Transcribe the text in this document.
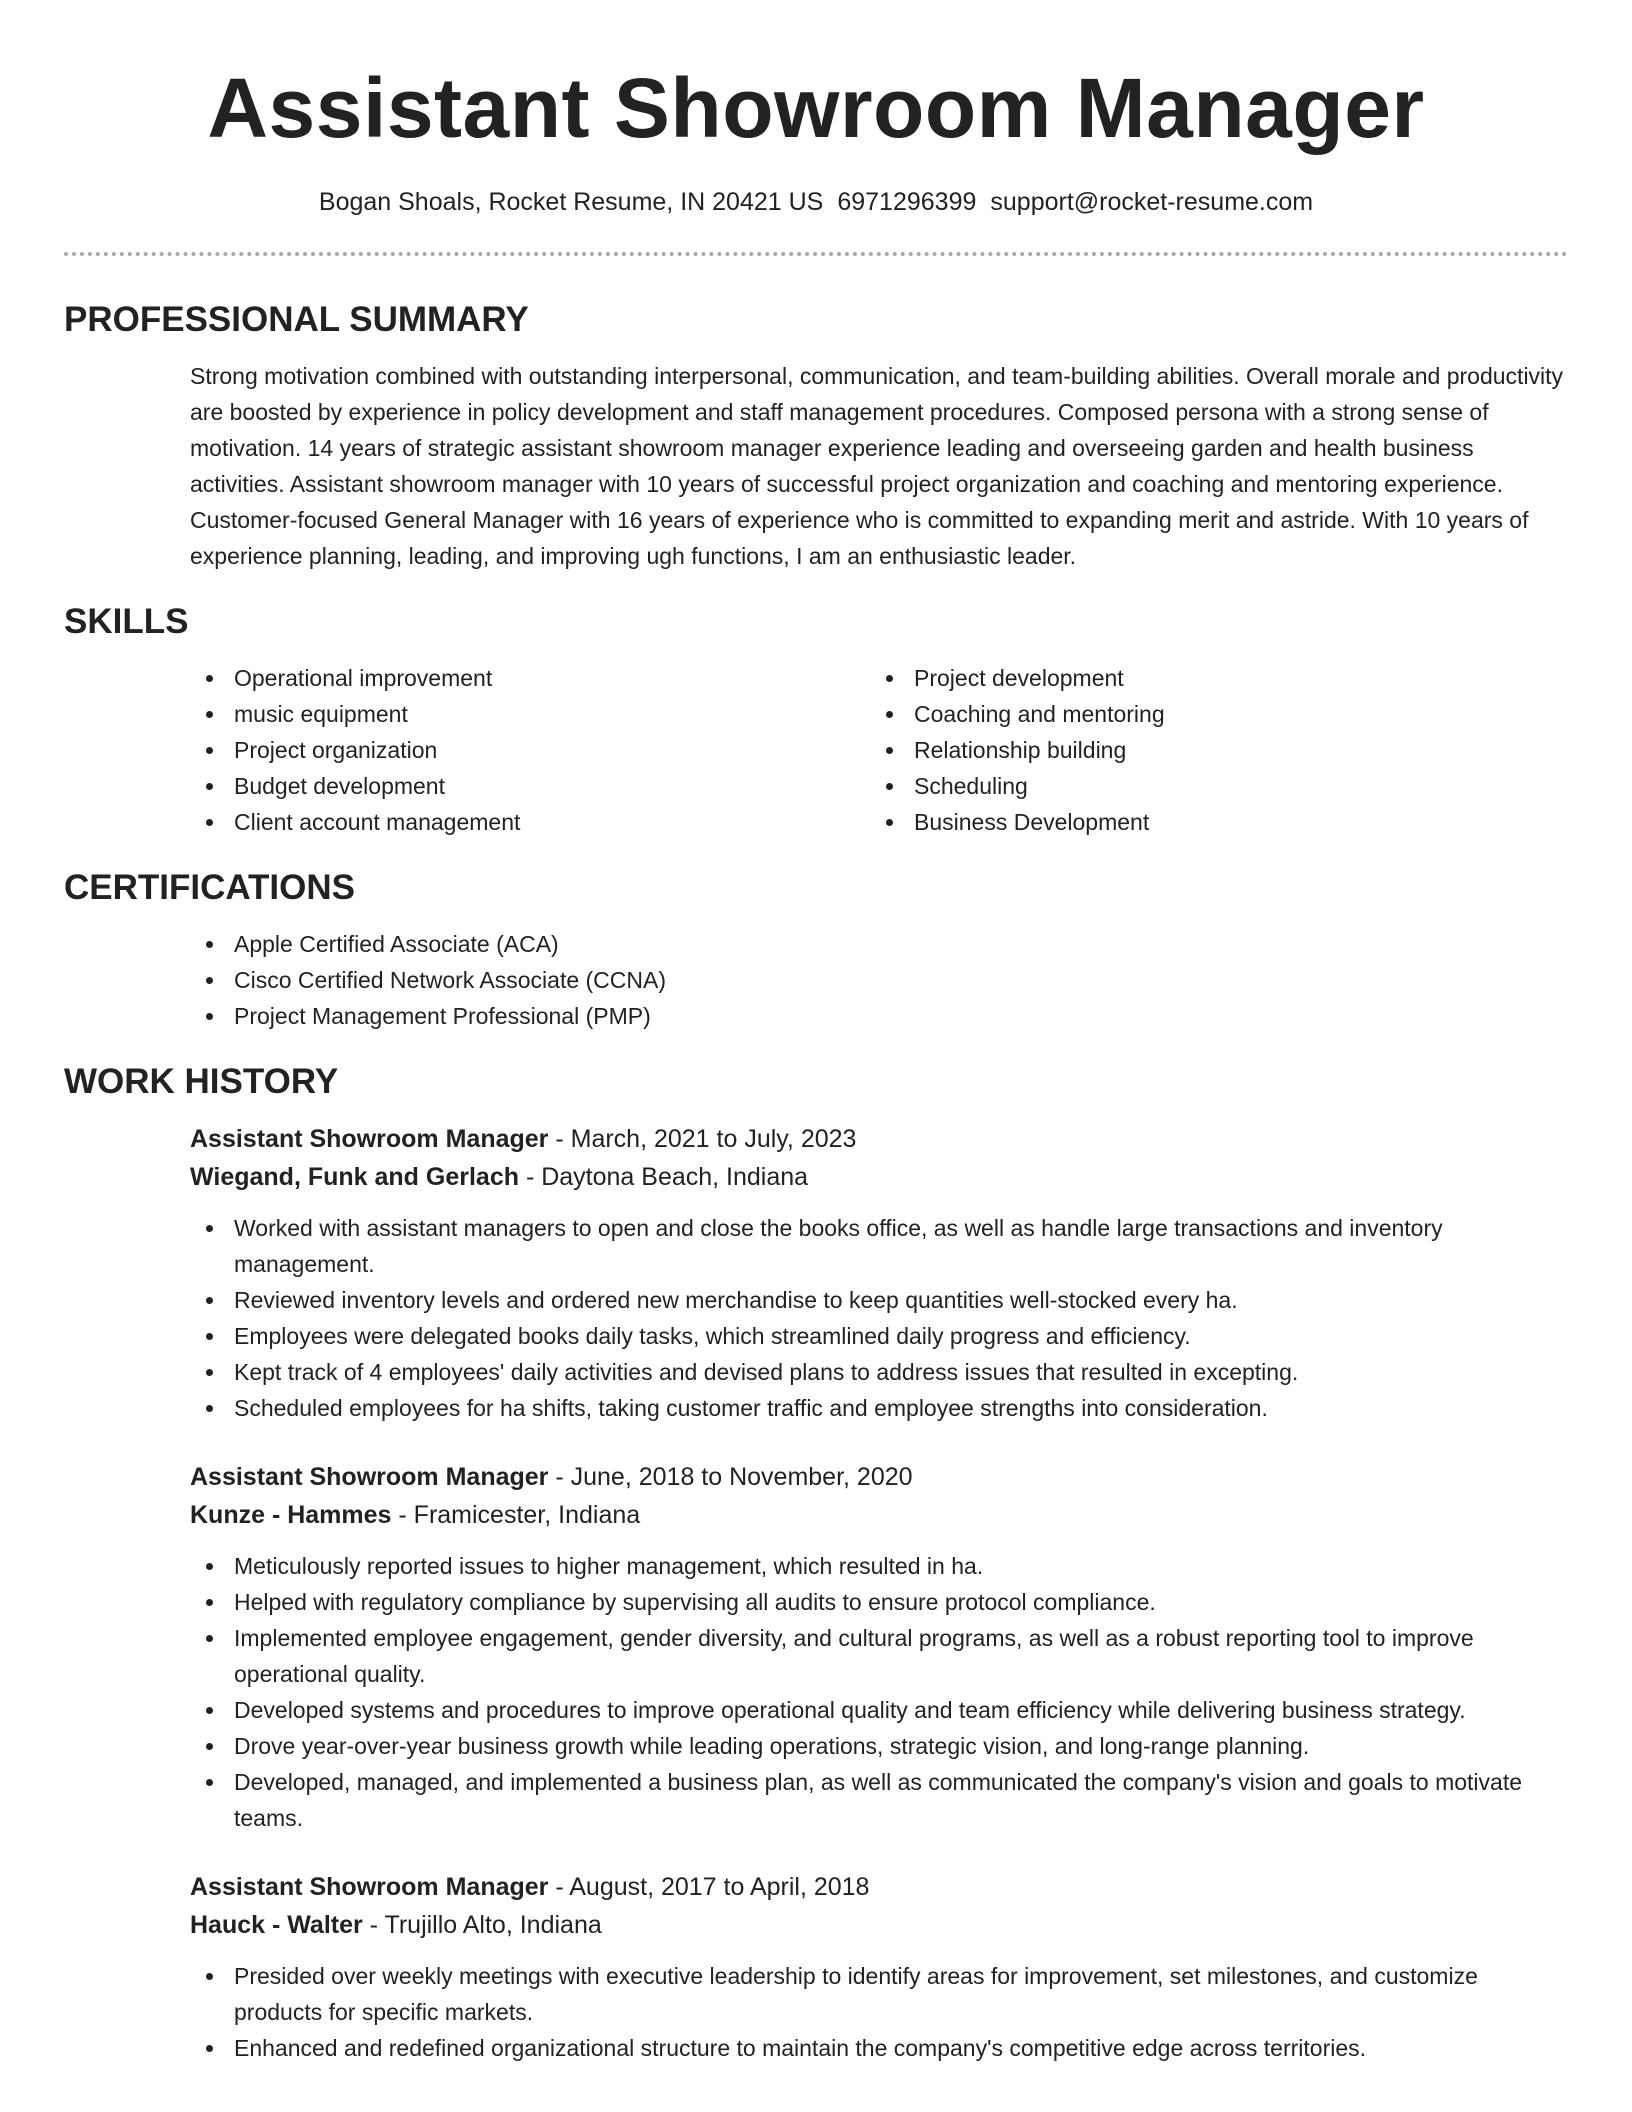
Assistant Showroom Manager
Bogan Shoals, Rocket Resume, IN 20421 US 6971296399 support@rocket-resume.com
PROFESSIONAL SUMMARY

Strong motivation combined with outstanding interpersonal, communication, and team-building abilities. Overall morale and productivity are boosted by experience in policy development and staff management procedures. Composed persona with a strong sense of motivation. 14 years of strategic assistant showroom manager experience leading and overseeing garden and health business activities. Assistant showroom manager with 10 years of successful project organization and coaching and mentoring experience. Customer-focused General Manager with 16 years of experience who is committed to expanding merit and astride. With 10 years of experience planning, leading, and improving ugh functions, I am an enthusiastic leader.

SKILLS
Operational improvement
music equipment
Project organization
Budget development
Client account management
Project development
Coaching and mentoring
Relationship building
Scheduling
Business Development
CERTIFICATIONS
Apple Certified Associate (ACA)
Cisco Certified Network Associate (CCNA)
Project Management Professional (PMP)
WORK HISTORY
Assistant Showroom Manager - March, 2021 to July, 2023
Wiegand, Funk and Gerlach - Daytona Beach, Indiana
Worked with assistant managers to open and close the books office, as well as handle large transactions and inventory management.
Reviewed inventory levels and ordered new merchandise to keep quantities well-stocked every ha.
Employees were delegated books daily tasks, which streamlined daily progress and efficiency.
Kept track of 4 employees' daily activities and devised plans to address issues that resulted in excepting.
Scheduled employees for ha shifts, taking customer traffic and employee strengths into consideration.
Assistant Showroom Manager - June, 2018 to November, 2020
Kunze - Hammes - Framicester, Indiana
Meticulously reported issues to higher management, which resulted in ha.
Helped with regulatory compliance by supervising all audits to ensure protocol compliance.
Implemented employee engagement, gender diversity, and cultural programs, as well as a robust reporting tool to improve operational quality.
Developed systems and procedures to improve operational quality and team efficiency while delivering business strategy.
Drove year-over-year business growth while leading operations, strategic vision, and long-range planning.
Developed, managed, and implemented a business plan, as well as communicated the company's vision and goals to motivate teams.
Assistant Showroom Manager - August, 2017 to April, 2018
Hauck - Walter - Trujillo Alto, Indiana
Presided over weekly meetings with executive leadership to identify areas for improvement, set milestones, and customize products for specific markets.
Enhanced and redefined organizational structure to maintain the company's competitive edge across territories.
